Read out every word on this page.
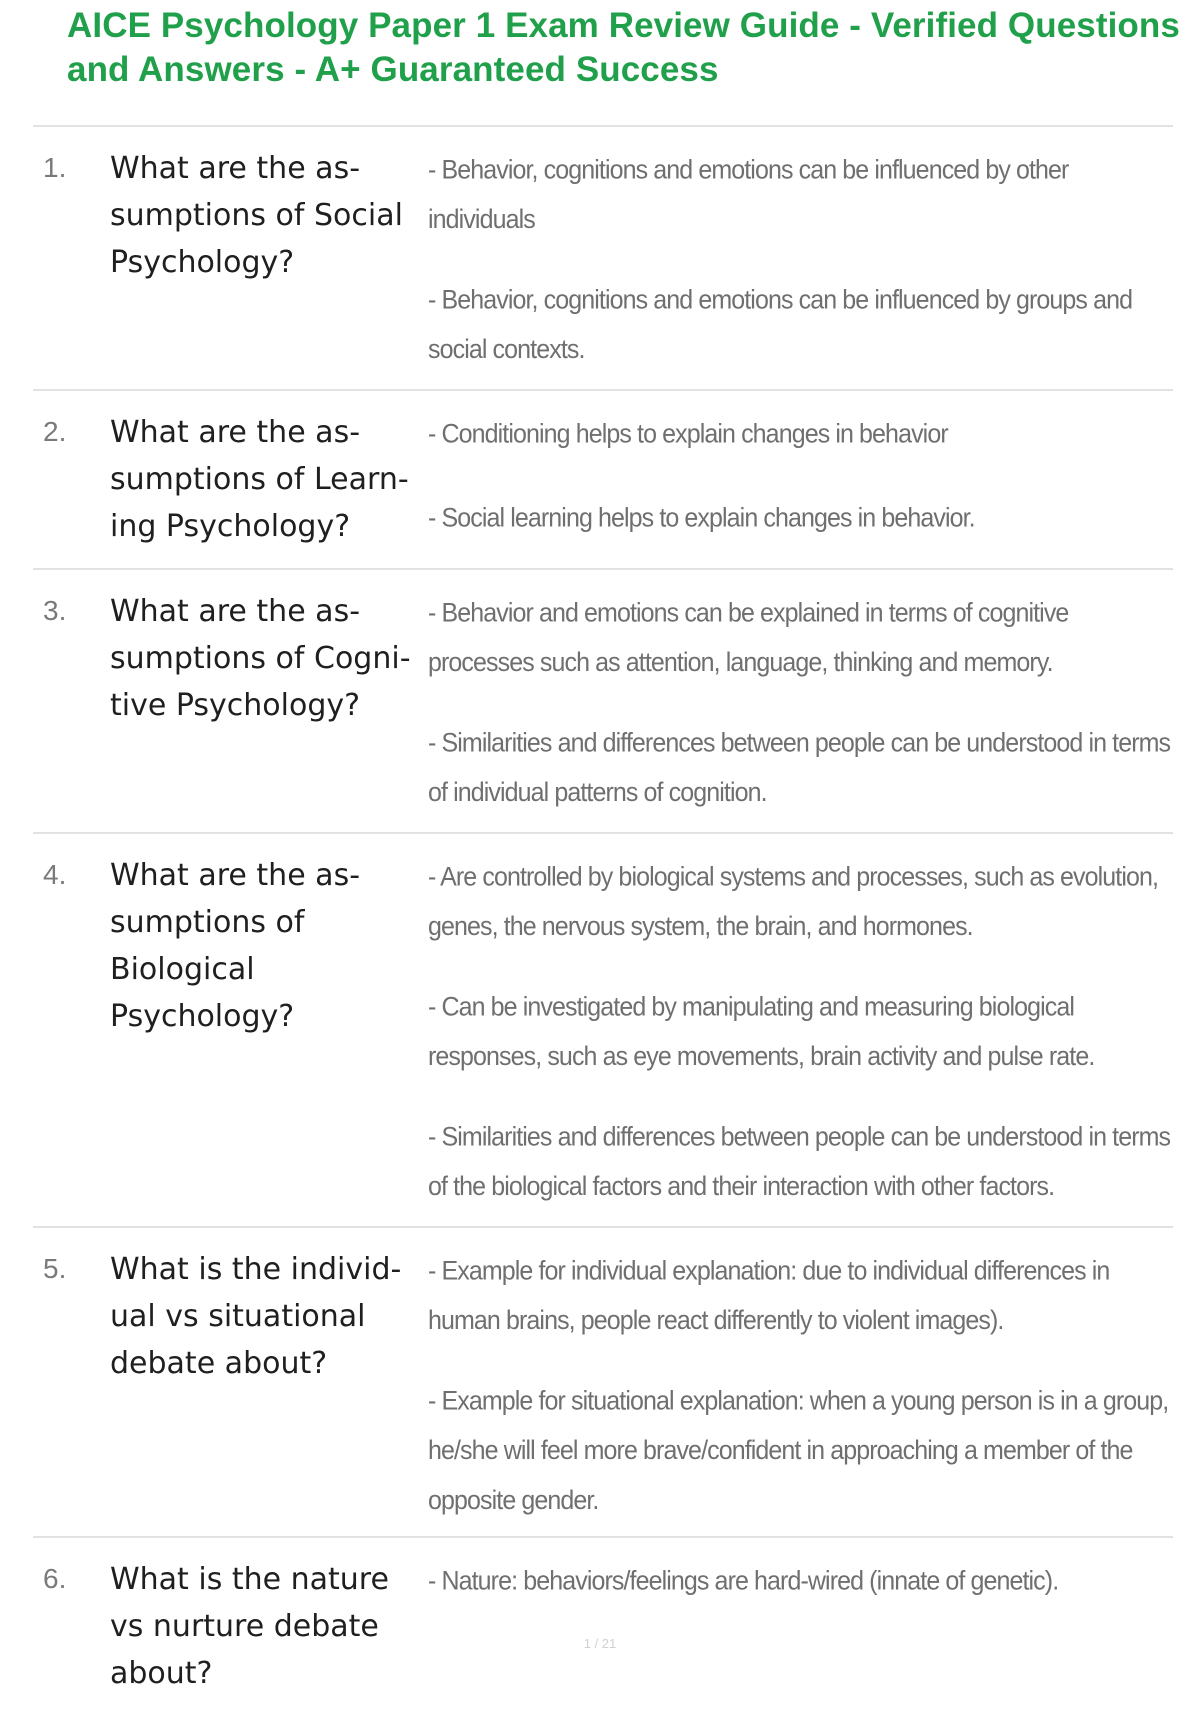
AICE Psychology Paper 1 Exam Review Guide - Verified Questions and Answers - A+ Guaranteed Success
1.	What are the assumptions of Social Psychology?

- Behavior, cognitions and emotions can be influenced by other individuals

- Behavior, cognitions and emotions can be influenced by groups and social contexts.

2.	What are the assumptions of Learning Psychology?

- Conditioning helps to explain changes in behavior

- Social learning helps to explain changes in behavior.

3.	What are the assumptions of Cognitive Psychology?

- Behavior and emotions can be explained in terms of cognitive processes such as attention, language, thinking and memory.

- Similarities and differences between people can be understood in terms of individual patterns of cognition.

4.	What are the assumptions of Biological Psychology?

- Are controlled by biological systems and processes, such as evolution, genes, the nervous system, the brain, and hormones.

- Can be investigated by manipulating and measuring biological responses, such as eye movements, brain activity and pulse rate.

- Similarities and differences between people can be understood in terms of the biological factors and their interaction with other factors.

5.	What is the individual vs situational debate about?

- Example for individual explanation: due to individual differences in human brains, people react differently to violent images).

- Example for situational explanation: when a young person is in a group, he/she will feel more brave/confident in approaching a member of the opposite gender.

6.	What is the nature vs nurture debate about?

- Nature: behaviors/feelings are hard-wired (innate of genetic).

1 / 21
